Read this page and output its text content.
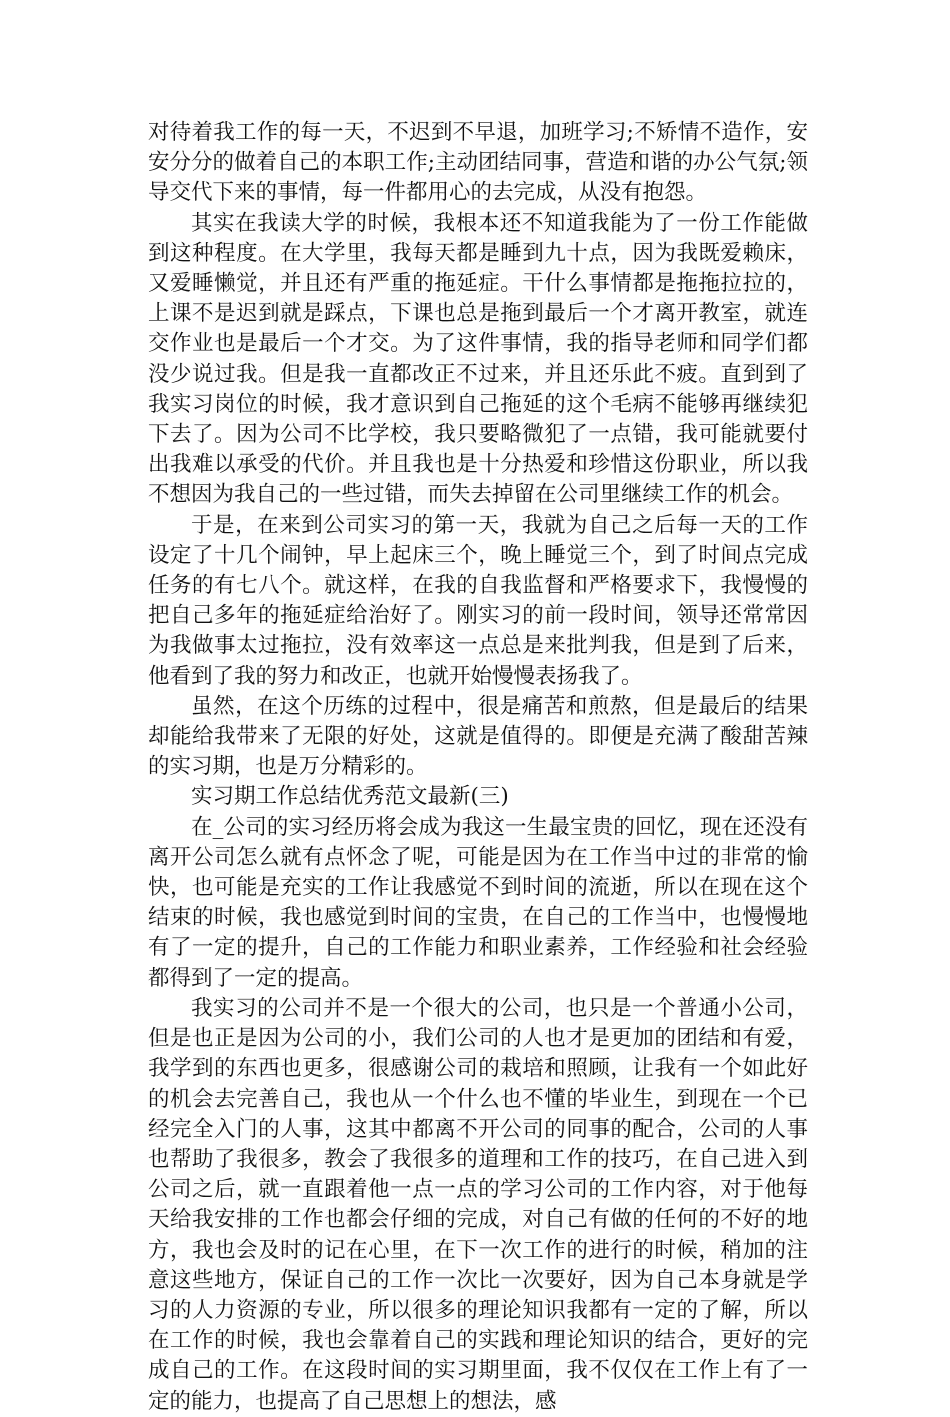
对待着我工作的每一天，不迟到不早退，加班学习;不矫情不造作，安安分分的做着自己的本职工作;主动团结同事，营造和谐的办公气氛;领导交代下来的事情，每一件都用心的去完成，从没有抱怨。

其实在我读大学的时候，我根本还不知道我能为了一份工作能做到这种程度。在大学里，我每天都是睡到九十点，因为我既爱赖床，又爱睡懒觉，并且还有严重的拖延症。干什么事情都是拖拖拉拉的，上课不是迟到就是踩点，下课也总是拖到最后一个才离开教室，就连交作业也是最后一个才交。为了这件事情，我的指导老师和同学们都没少说过我。但是我一直都改正不过来，并且还乐此不疲。直到到了我实习岗位的时候，我才意识到自己拖延的这个毛病不能够再继续犯下去了。因为公司不比学校，我只要略微犯了一点错，我可能就要付出我难以承受的代价。并且我也是十分热爱和珍惜这份职业，所以我不想因为我自己的一些过错，而失去掉留在公司里继续工作的机会。

于是，在来到公司实习的第一天，我就为自己之后每一天的工作设定了十几个闹钟，早上起床三个，晚上睡觉三个，到了时间点完成任务的有七八个。就这样，在我的自我监督和严格要求下，我慢慢的把自己多年的拖延症给治好了。刚实习的前一段时间，领导还常常因为我做事太过拖拉，没有效率这一点总是来批判我，但是到了后来，他看到了我的努力和改正，也就开始慢慢表扬我了。

虽然，在这个历练的过程中，很是痛苦和煎熬，但是最后的结果却能给我带来了无限的好处，这就是值得的。即便是充满了酸甜苦辣的实习期，也是万分精彩的。

实习期工作总结优秀范文最新(三)

在_公司的实习经历将会成为我这一生最宝贵的回忆，现在还没有离开公司怎么就有点怀念了呢，可能是因为在工作当中过的非常的愉快，也可能是充实的工作让我感觉不到时间的流逝，所以在现在这个结束的时候，我也感觉到时间的宝贵，在自己的工作当中，也慢慢地有了一定的提升，自己的工作能力和职业素养，工作经验和社会经验都得到了一定的提高。

我实习的公司并不是一个很大的公司，也只是一个普通小公司，但是也正是因为公司的小，我们公司的人也才是更加的团结和有爱，我学到的东西也更多，很感谢公司的栽培和照顾，让我有一个如此好的机会去完善自己，我也从一个什么也不懂的毕业生，到现在一个已经完全入门的人事，这其中都离不开公司的同事的配合，公司的人事也帮助了我很多，教会了我很多的道理和工作的技巧，在自己进入到公司之后，就一直跟着他一点一点的学习公司的工作内容，对于他每天给我安排的工作也都会仔细的完成，对自己有做的任何的不好的地方，我也会及时的记在心里，在下一次工作的进行的时候，稍加的注意这些地方，保证自己的工作一次比一次要好，因为自己本身就是学习的人力资源的专业，所以很多的理论知识我都有一定的了解，所以在工作的时候，我也会靠着自己的实践和理论知识的结合，更好的完成自己的工作。在这段时间的实习期里面，我不仅仅在工作上有了一定的能力，也提高了自己思想上的想法，感
